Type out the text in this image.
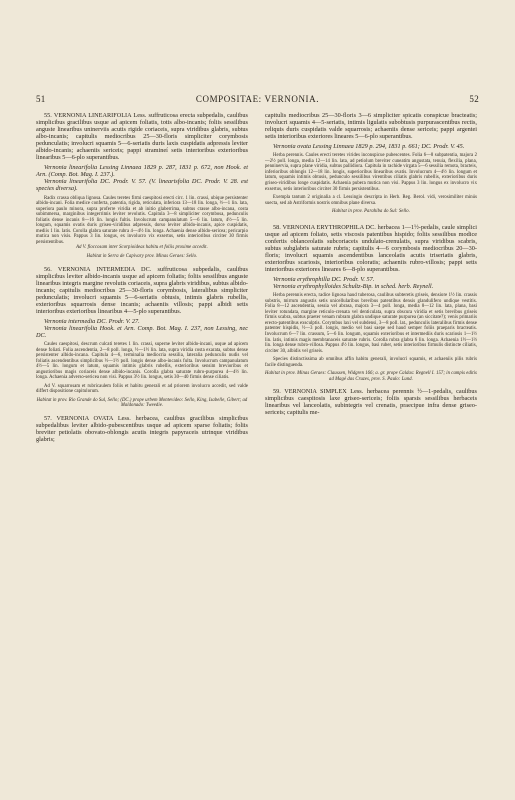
51	COMPOSITAE: VERNONIA.	52

55. VERNONIA LINEARIFOLIA Less. suffruticosa erecta subpedalis, caulibus simplicibus gracilibus usque ad apicem foliatis, totis albo-incanis; foliis sessilibus anguste linearibus uninerviis acutis rigide coriaceis, supra viridibus glabris, subtus albo-incanis; capitulis mediocribus 25—30-floris simpliciter corymbosis pedunculatis; involucri squamis 5—6-seriatis duris laxis cuspidatis adpressis leviter albido-incanis; achaeniis sericeis; pappi stramineí setis interioribus exterioribus linearibus 5—6-plo superantibus.

Vernonia linearifolia Lessing Linnaea 1829 p. 287, 1831 p. 672, non Hook. et Arn. (Comp. Bot. Mag. I. 237.).

Vernonia linearifolia DC. Prodr. V. 57. (V. linearisfolia DC. Prodr. V. 28. est species diversa).

Radix crassa obliqua lignosa. Caules teretes firmi caespitosi erecti circ. 1 lin. crassi, ubique persistenter albido-incani. Folia medice conferta, patentia, rigida, reticulata, inferiora 13—18 lin. longa, ½—1 lin. lata, superiora paulo minora, supra proferre viridia et ab initio glaberrima, subtus crasse albo-incana, costa subimmersa, marginibus integerrimis leviter revolutis. Capitula 3—8 simpliciter corymbosa, pedunculis foliatis dense incanis 8—16 lin. longis fultis. Involucrum campanulatum 5—6 lin. latum, 4½—5 lin. longum, squamis ovatis duris griseo-viridibus adpressis, dorso leviter albido-incanis, apice cuspidatis, mediis 1 lin. latis. Corolla glabra saturate rubra 4—4½ lin. longa. Achaenia dense albido-sericea; pericarpio mutica non visis. Pappus 3 lin. longus, ex involucro vix exsertus, setis interioribus circiter 30 firmis persistentibus.

Ad V. floccosam inter Scorpioideas habitu et foliis proxime accedit.

Habitat in Serra de Capivary prov. Minas Geraes: Sello.

56. VERNONIA INTERMEDIA DC. suffruticosa subpedalis, caulibus simplicibus leviter albido-incanis usque ad apicem foliatis; foliis sessilibus anguste linearibus integris margine revolutis coriaceis, supra glabris viridibus, subtus albido-incanis; capitulis mediocribus 25—30-floris corymbosis, lateralibus simpliciter pedunculatis; involucri squamis 5—6-seriatis obtusis, intimis glabris rubellis, exterioribus squarrosis dense incanis; achaeniis villosis; pappi albidi setis interioribus exterioribus linearibus 4—5-plo superantibus.

Vernonia intermedia DC. Prodr. V. 27.

Vernonia linearifolia Hook. et Arn. Comp. Bot. Mag. I. 237, non Lessing, nec DC.

Caules caespitosi, descrum culcati teretes 1 lin. crassi, superne leviter albido-incani, usque ad apicem dense foliati. Folia ascendentia, 2—8 poll. longa, ½—1½ lin. lata, supra viridia costa exarata, subtus dense persistenter albido-incana. Capitula 4—6, terminalia mediocria sessilia, lateralia pedunculis nudis vel foliatis ascendentibus simplicibus ½—1½ poll. longis dense albo-incanis fulta. Involucrum campanulatum 4½—5 lin. longum et latum, squamis intimis glabris rubellis, exterioribus sensim brevioribus et angustioribus magis coriaceis dense albido-incanis. Corolla glabra saturate rubro-purpurea 4—4½ lin. longa. Achaenia adverso-sericea non visi. Pappus 3½ lin. longus, setis 30—40 firmis dense ciliatis.

Ad V. squarrosam et rubricaulem foliis et habitu generali et ad priorem involucro accedit, sed valde differt dispositione capitulorum.

Habitat in prov. Rio Grande do Sul, Sello; (DC.) prope urbem Montevideo: Sello, King, Isabelle, Gibert; ad Maldonado: Tweedie.

57. VERNONIA OVATA Less. herbacea, caulibus gracilibus simplicibus subpedalibus leviter albido-pubescentibus usque ad apicem sparse foliatis; foliis breviter petiolatis obovato-oblongis acutis integris papyraceis utrinque viridibus glabris;

capitulis mediocribus 25—30-floris 3—6 simpliciter spicatis conspicue bracteatis; involucri squamis 4—5-seriatis, intimis ligulatis subobtusis purpurascentibus rectis, reliquis duris cuspidatis valde squarrosis; achaeniis dense sericeis; pappi argentei setis interioribus exteriores lineares 5—6-plo superantibus.

Vernonia ovata Lessing Linnaea 1829 p. 294, 1831 p. 661; DC. Prodr. V. 45.

Herba perennis. Caules erecti teretes virides inconspicue pubescentes. Folia 6—8 subpatentia, majora 2—2½ poll. longa, media 12—14 lin. lata, ad petiolum breviter cuneatim angustata, tenuia, flexilia, plana, penninervia, supra plane viridia, subtus pallidiora. Capitula in rachide virgata 5—6 sessilia remota, bracteis, inferioribus oblongis 12—18 lin. longis, superioribus linearibus ovatis. Involucrum 4—4½ lin. longum et latum, squamis intimis obtusis, pedunculo sessilibus virentibus ciliatis glabris rubellis, exterioribus duris griseo-viridibus longe cuspidatis. Achaenia pubera mutica non visi. Pappus 3 lin. longus ex involucro vix exsertus, setis interioribus circiter 30 firmis persistentibus.

Exempla tantum 2 originalia a cl. Lessingio descripta in Herb. Reg. Berol. vidi, verosimiliter minús suecta, sed ab Astriformis nostris omnibus plane diversa.

Habitat in prov. Parahiba do Sul: Sello.

58. VERNONIA ERYTHROPHILA DC. herbacea 1—1½-pedalis, caule simplici usque ad apicem foliato, setis viscosis patentibus hispido; foliis sessilibus modice confertis oblanceolatis subcoriaceis undulato-crenulatis, supra viridibus scabris, subtus subglabris saturate rubris; capitulis 4—6 corymbosis mediocribus 20—30-floris; involucri squamis ascendentibus lanceolatis acutis triseriatis glabris, exterioribus scariosis, interioribus coloratis; achaeniis rubro-villosis; pappi setis interioribus exteriores lineares 6—8-plo superantibus.

Vernonia erythrophilla DC. Prodr. V. 57.

Vernonia erythrophylloides Schultz-Bip. in sched. herb. Reynell.

Herba perennis erecta, radice lignosa haud tuberosa, caulibus subteretis griseis, densiore 1½ lin. crassis substris, mirrum angustis setis unicellularibus brevibus patentibus densis glandulifero undique vestitis. Folia 8—12 ascendentia, sessia vel abrasa, majora 3—4 poll. longa, media 8—12 lin. lata, plana, basi leviter rotundata, margine reticulo-crenata vel denticulata, supra obscura viridia et setis brevibus griseis firmis scabra, subtus praeter venam rubram glabra undique saturate purpurea (an siccitate?); venis primariis erecto-patentibus exsculptis. Corymbus laxi vel subdensi, 3—8 poll. lat., pedunculis lateralibus firmis dense patenter hispidis, ½—3 poll. longis, medio vel basi saepe sed haud semper foliis praeparis bracteatis. Involucrum 6—7 lin. crassum, 5—6 lin. longum, squamis exterioribus et intermediis duris scariosis 1—1½ lin. latis, intimis magis membranaceis saturate rubris. Corolla rubra glabra 6 lin. longa. Achaenia 1½—1⅔ lin. longa dense rubro-villosa. Pappus 4½ lin. longus, basi ruber, setis interioribus firmulis distincte ciliatis, circiter 30, albidis vel griseis.

Species distinctissima ab omnibus affin habitu generali, involucri squamis, et achaeniis pilis rubris facile distinguenda.

Habitat in prov. Minas Geraes: Claussen, Widgren 166; a. gr. prope Caldas: Regnell I. 157; in campis editis ad Magé das Cruzes, prov. S. Paulo: Lund.

59. VERNONIA SIMPLEX Less. herbacea perennis ½—1-pedalis, caulibus simplicibus caespitosis laxe griseo-sericeis; foliis sparsis sessilibus herbaceis linearibus vel lanceolatis, subintegris vel crenatis, praecipue infra dense griseo-sericeis; capitulis me-
